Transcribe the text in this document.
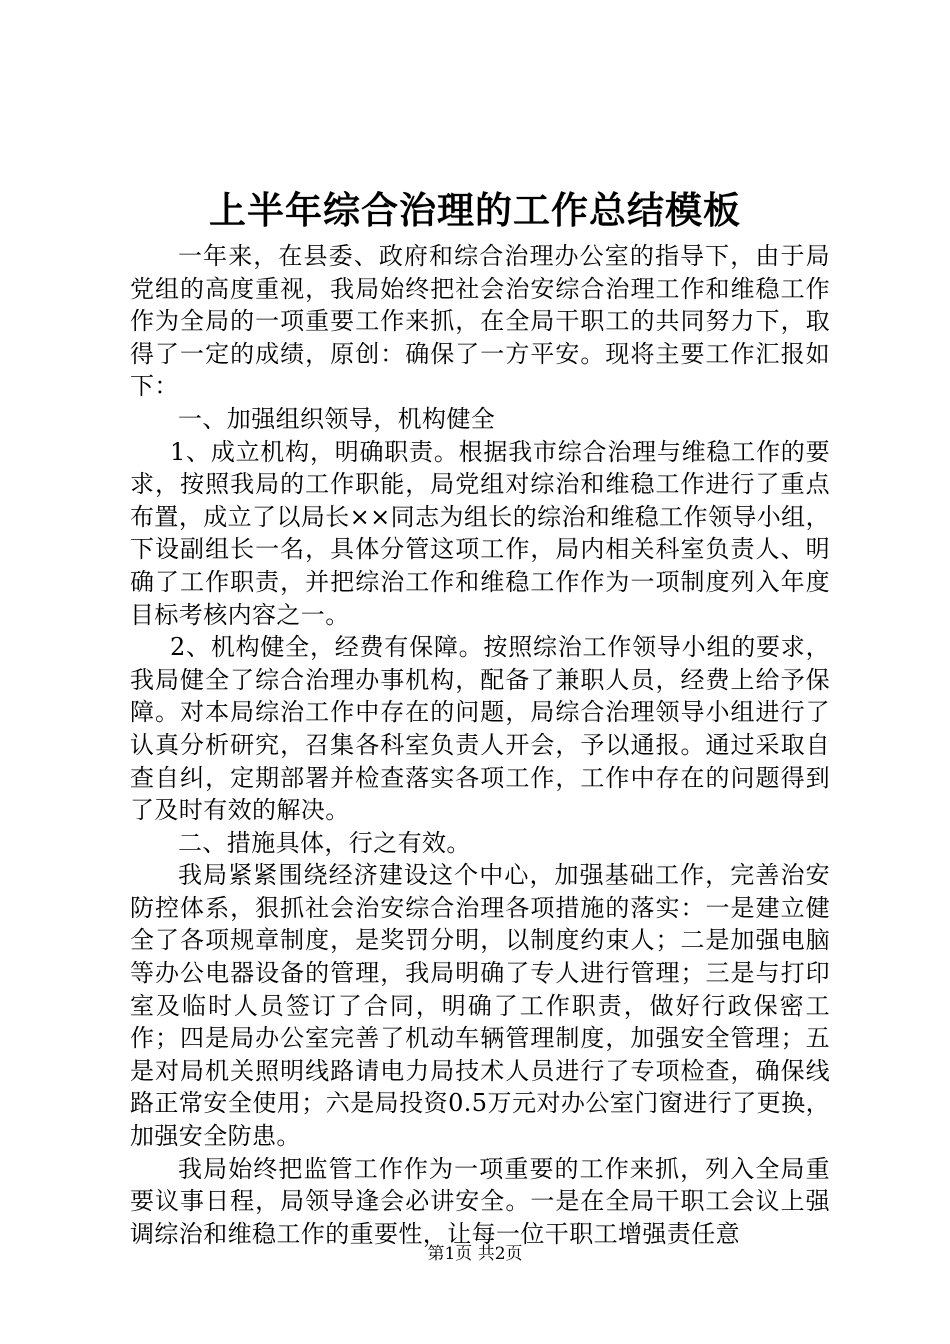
上半年综合治理的工作总结模板

一年来，在县委、政府和综合治理办公室的指导下，由于局党组的高度重视，我局始终把社会治安综合治理工作和维稳工作作为全局的一项重要工作来抓，在全局干职工的共同努力下，取得了一定的成绩，原创：确保了一方平安。现将主要工作汇报如下：

一、加强组织领导，机构健全

1、成立机构，明确职责。根据我市综合治理与维稳工作的要求，按照我局的工作职能，局党组对综治和维稳工作进行了重点布置，成立了以局长××同志为组长的综治和维稳工作领导小组，下设副组长一名，具体分管这项工作，局内相关科室负责人、明确了工作职责，并把综治工作和维稳工作作为一项制度列入年度目标考核内容之一。

2、机构健全，经费有保障。按照综治工作领导小组的要求，我局健全了综合治理办事机构，配备了兼职人员，经费上给予保障。对本局综治工作中存在的问题，局综合治理领导小组进行了认真分析研究，召集各科室负责人开会，予以通报。通过采取自查自纠，定期部署并检查落实各项工作，工作中存在的问题得到了及时有效的解决。

二、措施具体，行之有效。

我局紧紧围绕经济建设这个中心，加强基础工作，完善治安防控体系，狠抓社会治安综合治理各项措施的落实：一是建立健全了各项规章制度，是奖罚分明，以制度约束人；二是加强电脑等办公电器设备的管理，我局明确了专人进行管理；三是与打印室及临时人员签订了合同，明确了工作职责，做好行政保密工作；四是局办公室完善了机动车辆管理制度，加强安全管理；五是对局机关照明线路请电力局技术人员进行了专项检查，确保线路正常安全使用；六是局投资0.5万元对办公室门窗进行了更换，加强安全防患。

我局始终把监管工作作为一项重要的工作来抓，列入全局重要议事日程，局领导逢会必讲安全。一是在全局干职工会议上强调综治和维稳工作的重要性，让每一位干职工增强责任意

第1页 共2页
